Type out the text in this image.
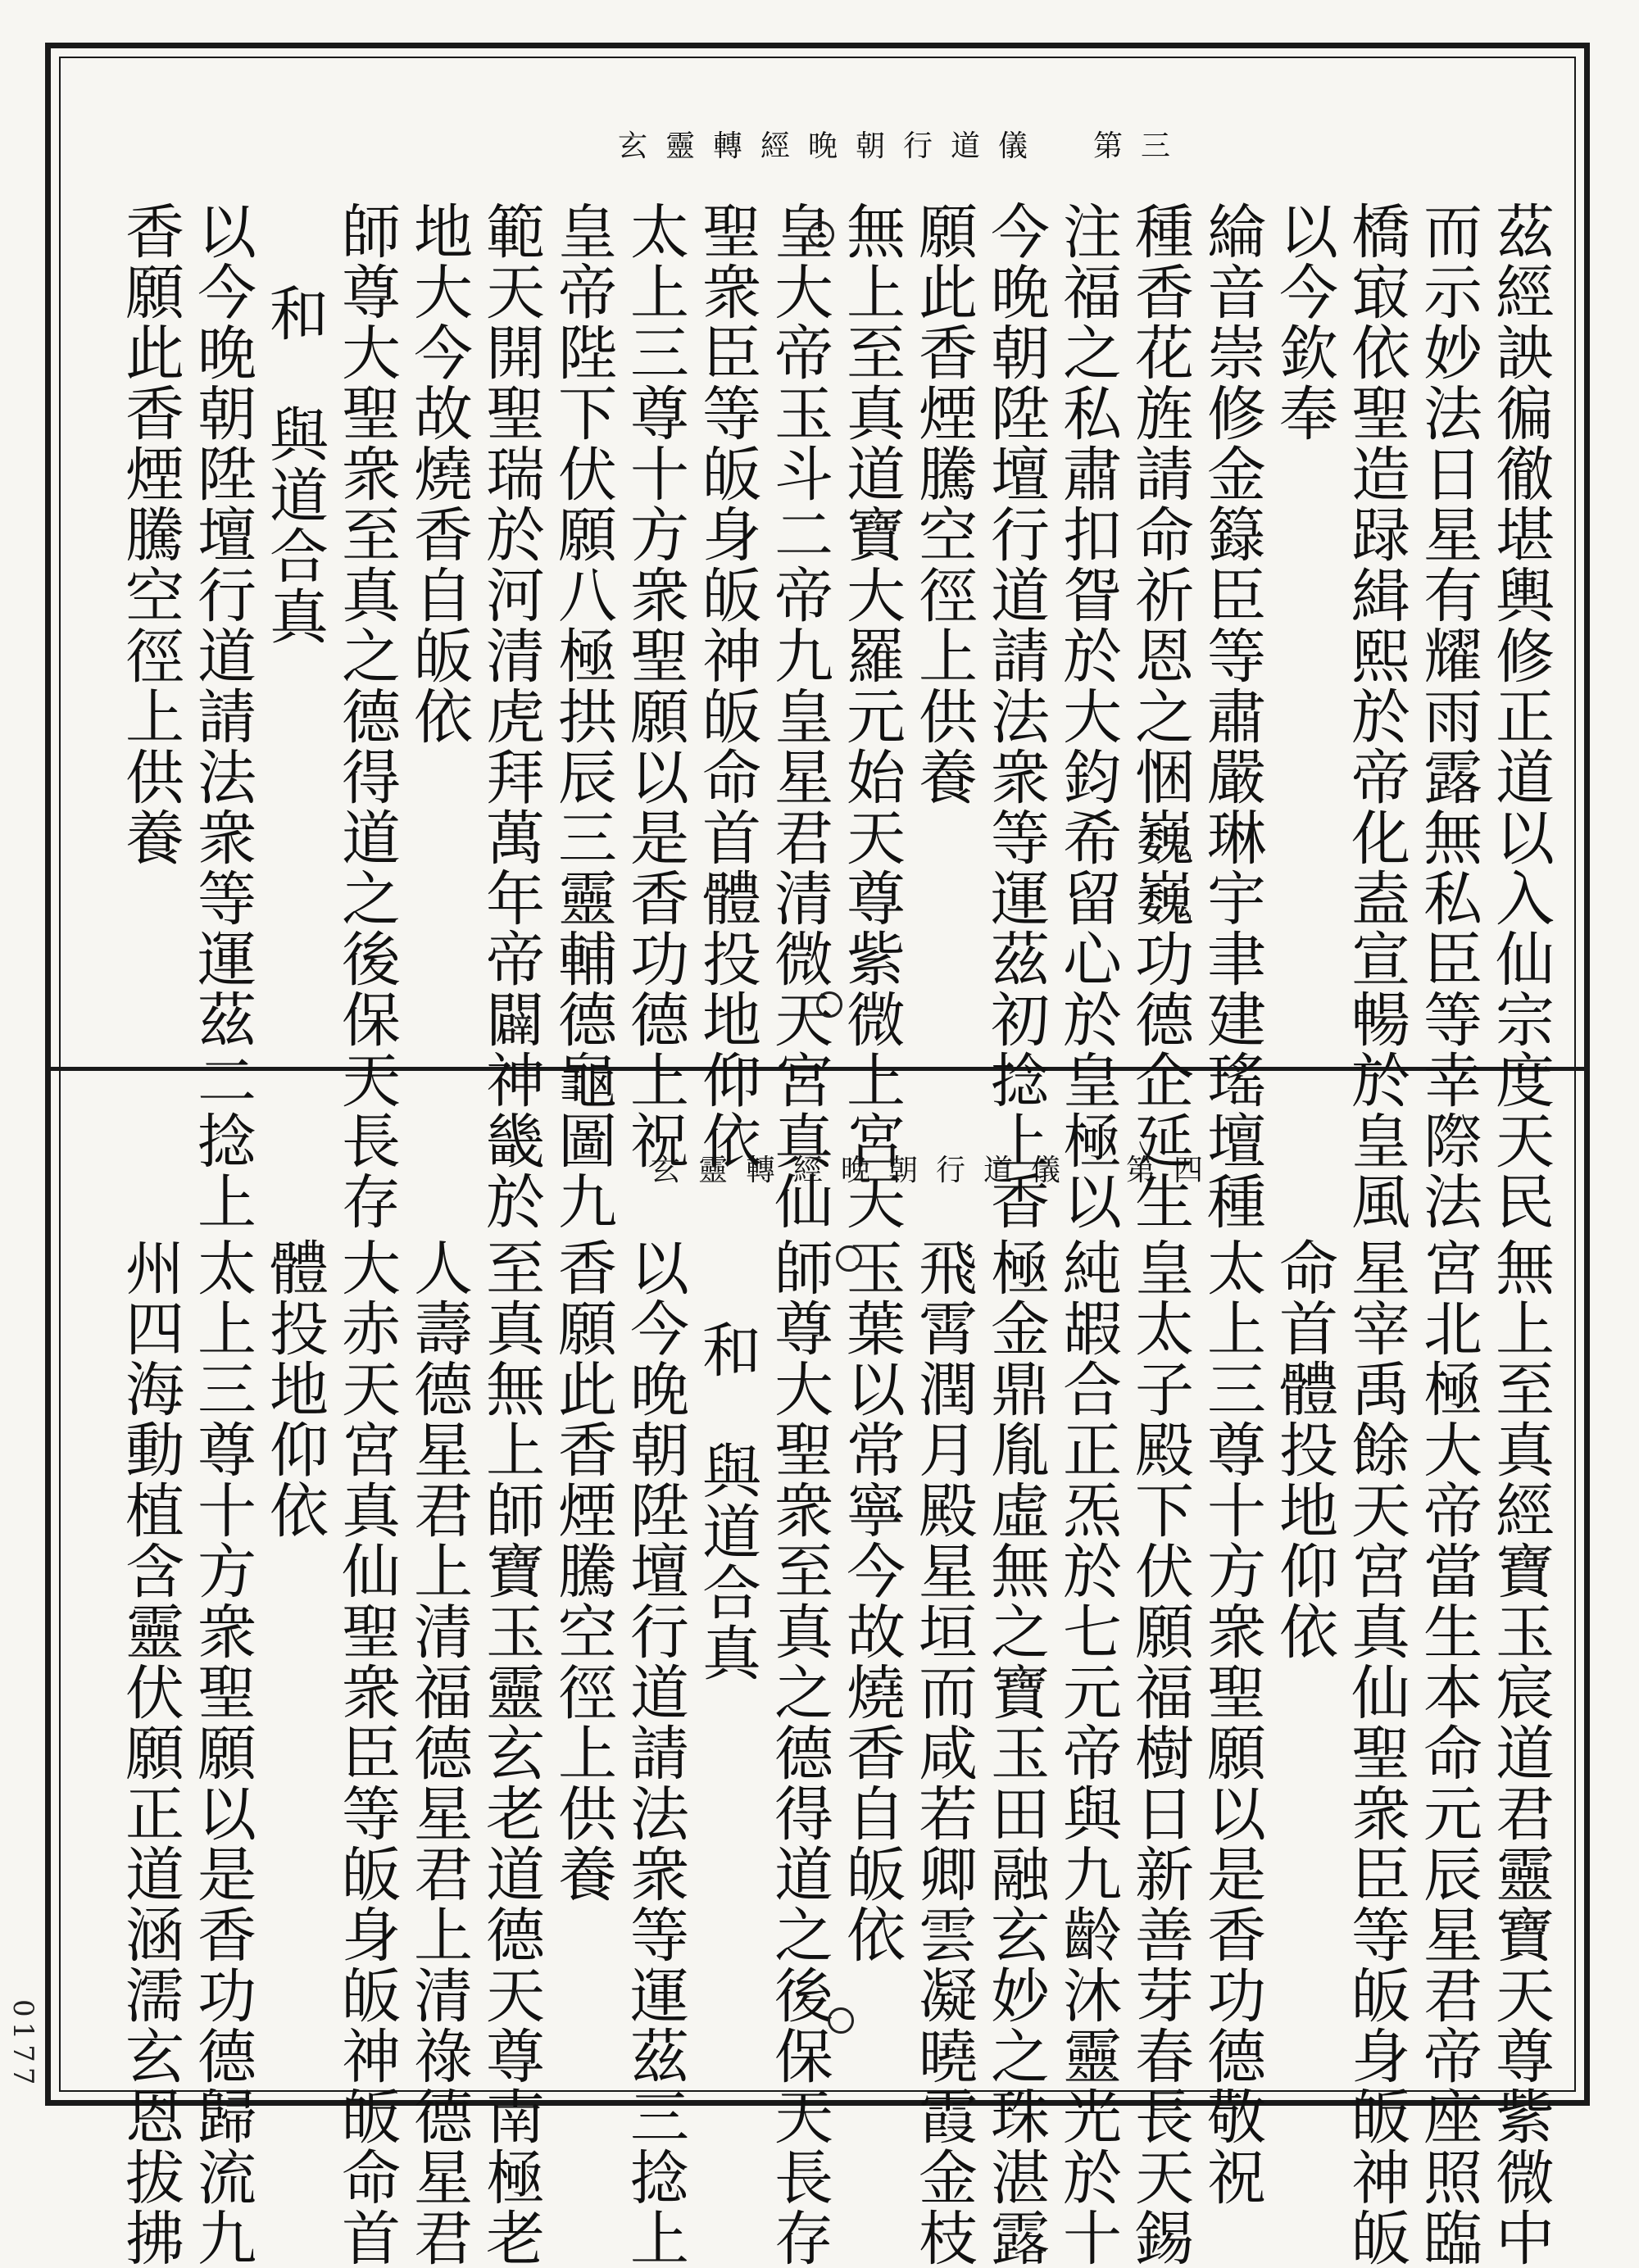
玄靈轉經晚朝行道儀　第三
茲經詇徧徹堪輿修正道以入仙宗度天民
而示妙法日星有耀雨露無私臣等幸際法
橋㝡依聖造䟿緝熙於帝化盍宣暢於皇風
以今欽奉
綸音崇修金籙臣等肅嚴琳宇聿建瑤壇種
種香花旌請命祈恩之悃巍巍功德企延生
注福之私肅扣眢於大鈞希留心於皇極以
今晚朝陞壇行道請法衆等運茲初捻上香
願此香煙騰空徑上供養
無上至真道寶大羅元始天尊紫微上宮天
皇大帝玉斗二帝九皇星君清微天宮真仙
聖衆臣等皈身皈神皈命首體投地仰依
太上三尊十方衆聖願以是香功德上祝
皇帝陛下伏願八極拱辰三靈輔德龜圖九
範天開聖瑞於河清虎拜萬年帝闢神畿於
地大今故燒香自皈依
師尊大聖衆至真之德得道之後保天長存
和　與道合真
以今晚朝陞壇行道請法衆等運茲二捻上
香願此香煙騰空徑上供養
玄靈轉經晚朝行道儀　第四
無上至真經寶玉宸道君靈寶天尊紫微中
宮北極大帝當生本命元辰星君帝座照臨
星宰禹餘天宮真仙聖衆臣等皈身皈神皈
命首體投地仰依
太上三尊十方衆聖願以是香功德敬祝
皇太子殿下伏願福樹日新善芽春長天錫
純嘏合正炁於七元帝與九齡沐靈光於十
極金鼎胤虛無之寶玉田融玄妙之珠湛露
飛霄潤月殿星垣而咸若卿雲凝曉霞金枝
玉葉以常寧今故燒香自皈依
師尊大聖衆至真之德得道之後保天長存
和　與道合真
以今晚朝陞壇行道請法衆等運茲三捻上
香願此香煙騰空徑上供養
至真無上師寶玉靈玄老道德天尊南極老
人壽德星君上清福德星君上清祿德星君
大赤天宮真仙聖衆臣等皈身皈神皈命首
體投地仰依
太上三尊十方衆聖願以是香功德歸流九
州四海動植含靈伏願正道涵濡玄恩拔拂
0177
